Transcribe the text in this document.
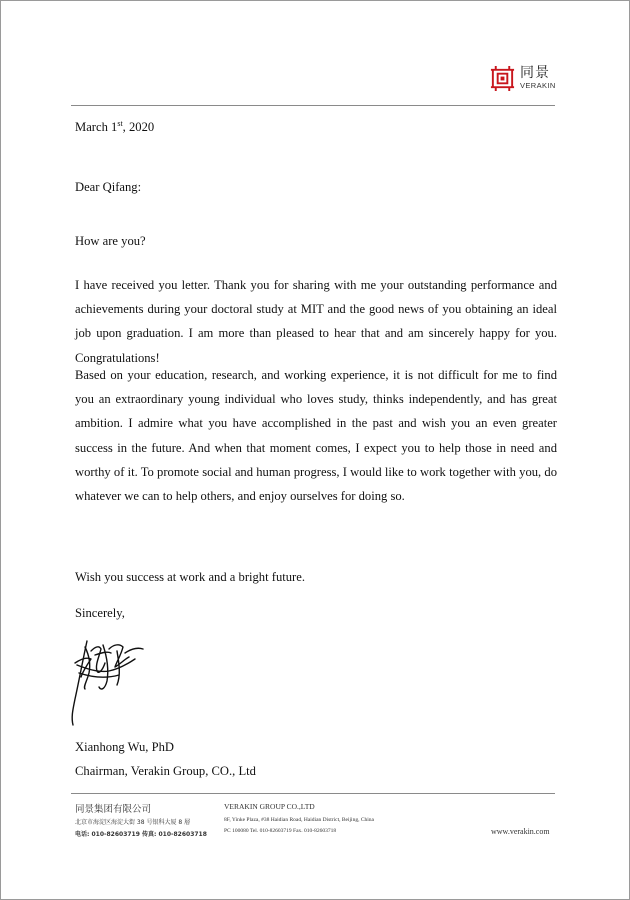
同景
VERAKIN
March 1st, 2020
Dear Qifang:
How are you?
I have received you letter. Thank you for sharing with me your outstanding performance and achievements during your doctoral study at MIT and the good news of you obtaining an ideal job upon graduation. I am more than pleased to hear that and am sincerely happy for you. Congratulations!
Based on your education, research, and working experience, it is not difficult for me to find you an extraordinary young individual who loves study, thinks independently, and has great ambition. I admire what you have accomplished in the past and wish you an even greater success in the future. And when that moment comes, I expect you to help those in need and worthy of it. To promote social and human progress, I would like to work together with you, do whatever we can to help others, and enjoy ourselves for doing so.
Wish you success at work and a bright future.
Sincerely,
Xianhong Wu, PhD
Chairman, Verakin Group, CO., Ltd
同景集团有限公司
北京市海淀区海淀大街 38 号银科大厦 8 層
电话: 010-82603719 传真: 010-82603718
VERAKIN GROUP CO.,LTD
8F, Yinke Plaza, #38 Haidian Road, Haidian District, Beijing, China
PC 100080 Tel. 010-82603719 Fax. 010-82603718	www.verakin.com
